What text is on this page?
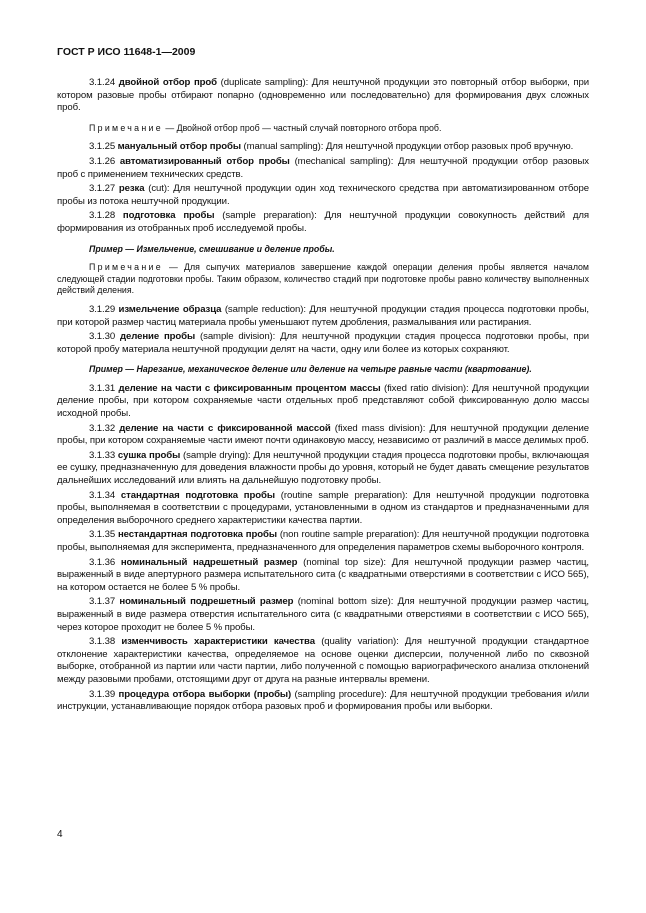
ГОСТ Р ИСО 11648-1—2009

3.1.24 двойной отбор проб (duplicate sampling): Для нештучной продукции это повторный отбор выборки, при котором разовые пробы отбирают попарно (одновременно или последовательно) для формирования двух сложных проб.

Примечание — Двойной отбор проб — частный случай повторного отбора проб.

3.1.25 мануальный отбор пробы (manual sampling): Для нештучной продукции отбор разовых проб вручную.

3.1.26 автоматизированный отбор пробы (mechanical sampling): Для нештучной продукции отбор разовых проб с применением технических средств.

3.1.27 резка (cut): Для нештучной продукции один ход технического средства при автоматизированном отборе пробы из потока нештучной продукции.

3.1.28 подготовка пробы (sample preparation): Для нештучной продукции совокупность действий для формирования из отобранных проб исследуемой пробы.

Пример — Измельчение, смешивание и деление пробы.

Примечание — Для сыпучих материалов завершение каждой операции деления пробы является началом следующей стадии подготовки пробы. Таким образом, количество стадий при подготовке пробы равно количеству выполненных действий деления.

3.1.29 измельчение образца (sample reduction): Для нештучной продукции стадия процесса подготовки пробы, при которой размер частиц материала пробы уменьшают путем дробления, размалывания или растирания.

3.1.30 деление пробы (sample division): Для нештучной продукции стадия процесса подготовки пробы, при которой пробу материала нештучной продукции делят на части, одну или более из которых сохраняют.

Пример — Нарезание, механическое деление или деление на четыре равные части (квартование).

3.1.31 деление на части с фиксированным процентом массы (fixed ratio division): Для нештучной продукции деление пробы, при котором сохраняемые части отдельных проб представляют собой фиксированную долю массы исходной пробы.

3.1.32 деление на части с фиксированной массой (fixed mass division): Для нештучной продукции деление пробы, при котором сохраняемые части имеют почти одинаковую массу, независимо от различий в массе делимых проб.

3.1.33 сушка пробы (sample drying): Для нештучной продукции стадия процесса подготовки пробы, включающая ее сушку, предназначенную для доведения влажности пробы до уровня, который не будет давать смещение результатов дальнейших исследований или влиять на дальнейшую подготовку пробы.

3.1.34 стандартная подготовка пробы (routine sample preparation): Для нештучной продукции подготовка пробы, выполняемая в соответствии с процедурами, установленными в одном из стандартов и предназначенными для определения выборочного среднего характеристики качества партии.

3.1.35 нестандартная подготовка пробы (non routine sample preparation): Для нештучной продукции подготовка пробы, выполняемая для эксперимента, предназначенного для определения параметров схемы выборочного контроля.

3.1.36 номинальный надрешетный размер (nominal top size): Для нештучной продукции размер частиц, выраженный в виде апертурного размера испытательного сита (с квадратными отверстиями в соответствии с ИСО 565), на котором остается не более 5 % пробы.

3.1.37 номинальный подрешетный размер (nominal bottom size): Для нештучной продукции размер частиц, выраженный в виде размера отверстия испытательного сита (с квадратными отверстиями в соответствии с ИСО 565), через которое проходит не более 5 % пробы.

3.1.38 изменчивость характеристики качества (quality variation): Для нештучной продукции стандартное отклонение характеристики качества, определяемое на основе оценки дисперсии, полученной либо по сквозной выборке, отобранной из партии или части партии, либо полученной с помощью вариографического анализа отклонений между разовыми пробами, отстоящими друг от друга на разные интервалы времени.

3.1.39 процедура отбора выборки (пробы) (sampling procedure): Для нештучной продукции требования и/или инструкции, устанавливающие порядок отбора разовых проб и формирования пробы или выборки.

4
